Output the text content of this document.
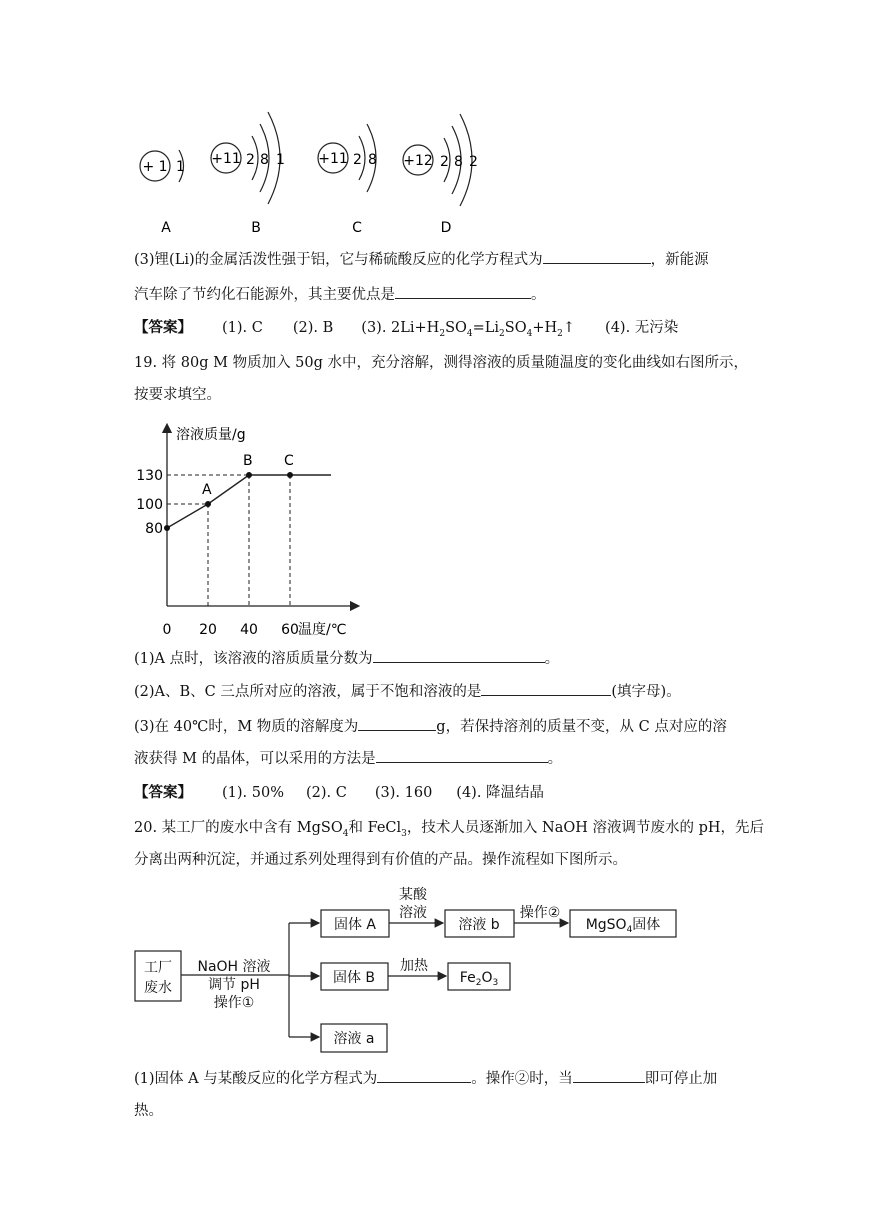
+ 1 1
A
+11 2 8 1
B
+11 2 8
C
+12 2 8 2
D
(3)锂(Li)的金属活泼性强于铝，它与稀硫酸反应的化学方程式为	，新能源
汽车除了节约化石能源外，其主要优点是	。
【答案】 (1). C (2). B (3). $2Li+H_2SO_4=Li_2SO_4+H_2↑$ (4). 无污染
19. 将 80g M 物质加入 50g 水中，充分溶解，测得溶液的质量随温度的变化曲线如右图所示，
按要求填空。
溶液质量/g
A
B C
80
100
130
0 20 40 60 温度/℃
(1)A 点时，该溶液的溶质质量分数为	。
(2)A、B、C 三点所对应的溶液，属于不饱和溶液的是	(填字母)。
(3)在 40℃时，M 物质的溶解度为	g，若保持溶剂的质量不变，从 C 点对应的溶
液获得 M 的晶体，可以采用的方法是	。
【答案】 (1). 50% (2). C (3). 160 (4). 降温结晶
20. 某工厂的废水中含有 MgSO$_4$和 FeCl$_3$，技术人员逐渐加入 NaOH 溶液调节废水的 pH，先后
分离出两种沉淀，并通过系列处理得到有价值的产品。操作流程如下图所示。
工厂
废水
NaOH 溶液
调节 pH
操作①
固体 A
某酸
溶液
溶液 b
操作②
MgSO$_4$固体
固体 B
加热
$Fe_2O_3$
溶液 a
(1)固体 A 与某酸反应的化学方程式为	。操作②时，当	即可停止加
热。
